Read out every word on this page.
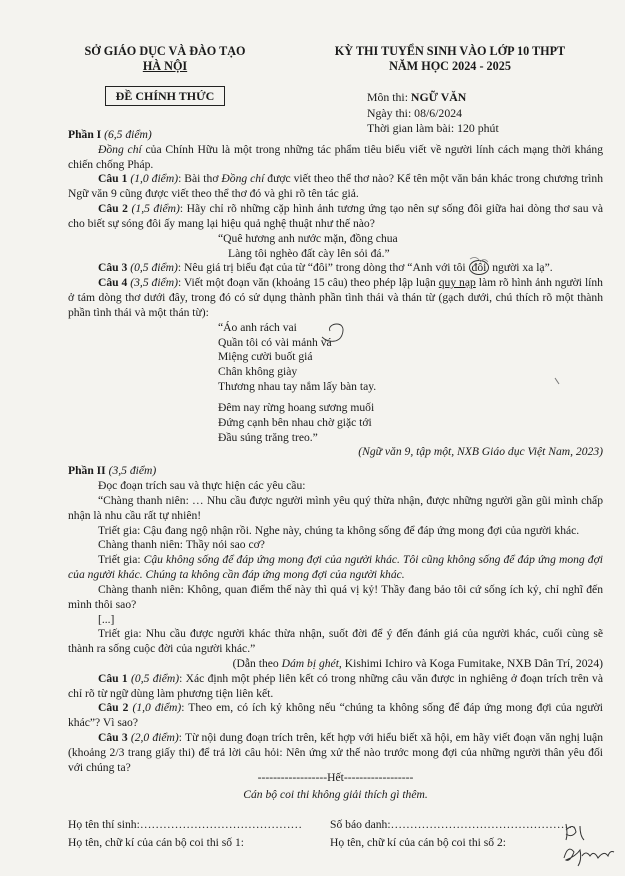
SỞ GIÁO DỤC VÀ ĐÀO TẠO
HÀ NỘI
KỲ THI TUYỂN SINH VÀO LỚP 10 THPT
NĂM HỌC 2024 - 2025
ĐỀ CHÍNH THỨC	Môn thi: NGỮ VĂN
Ngày thi: 08/6/2024
Thời gian làm bài: 120 phút

Phần I (6,5 điểm)

Đồng chí của Chính Hữu là một trong những tác phẩm tiêu biểu viết về người lính cách mạng thời kháng chiến chống Pháp.

Câu 1 (1,0 điểm): Bài thơ Đồng chí được viết theo thể thơ nào? Kể tên một văn bản khác trong chương trình Ngữ văn 9 cũng được viết theo thể thơ đó và ghi rõ tên tác giả.

Câu 2 (1,5 điểm): Hãy chỉ rõ những cặp hình ảnh tương ứng tạo nên sự sống đôi giữa hai dòng thơ sau và cho biết sự sóng đôi ấy mang lại hiệu quả nghệ thuật như thế nào?

“Quê hương anh nước mặn, đồng chua

Làng tôi nghèo đất cày lên sỏi đá.”

Câu 3 (0,5 điểm): Nêu giá trị biểu đạt của từ “đôi” trong dòng thơ “Anh với tôi đôi người xa lạ”.

Câu 4 (3,5 điểm): Viết một đoạn văn (khoảng 15 câu) theo phép lập luận quy nạp làm rõ hình ảnh người lính ở tám dòng thơ dưới đây, trong đó có sử dụng thành phần tình thái và thán từ (gạch dưới, chú thích rõ một thành phần tình thái và một thán từ):

“Áo anh rách vai

Quần tôi có vài mảnh vá

Miệng cười buốt giá

Chân không giày

Thương nhau tay nắm lấy bàn tay.

Đêm nay rừng hoang sương muối

Đứng cạnh bên nhau chờ giặc tới

Đầu súng trăng treo.”

(Ngữ văn 9, tập một, NXB Giáo dục Việt Nam, 2023)

Phần II (3,5 điểm)

Đọc đoạn trích sau và thực hiện các yêu cầu:

“Chàng thanh niên: … Nhu cầu được người mình yêu quý thừa nhận, được những người gần gũi mình chấp nhận là nhu cầu rất tự nhiên!

Triết gia: Cậu đang ngộ nhận rồi. Nghe này, chúng ta không sống để đáp ứng mong đợi của người khác.

Chàng thanh niên: Thầy nói sao cơ?

Triết gia: Cậu không sống để đáp ứng mong đợi của người khác. Tôi cũng không sống để đáp ứng mong đợi của người khác. Chúng ta không cần đáp ứng mong đợi của người khác.

Chàng thanh niên: Không, quan điểm thế này thì quá vị kỷ! Thầy đang bảo tôi cứ sống ích kỷ, chỉ nghĩ đến mình thôi sao?

[...]

Triết gia: Nhu cầu được người khác thừa nhận, suốt đời để ý đến đánh giá của người khác, cuối cùng sẽ thành ra sống cuộc đời của người khác.”

(Dẫn theo Dám bị ghét, Kishimi Ichiro và Koga Fumitake, NXB Dân Trí, 2024)

Câu 1 (0,5 điểm): Xác định một phép liên kết có trong những câu văn được in nghiêng ở đoạn trích trên và chỉ rõ từ ngữ dùng làm phương tiện liên kết.

Câu 2 (1,0 điểm): Theo em, có ích kỷ không nếu “chúng ta không sống để đáp ứng mong đợi của người khác”? Vì sao?

Câu 3 (2,0 điểm): Từ nội dung đoạn trích trên, kết hợp với hiểu biết xã hội, em hãy viết đoạn văn nghị luận (khoảng 2/3 trang giấy thi) để trả lời câu hỏi: Nên ứng xử thế nào trước mong đợi của những người thân yêu đối với chúng ta?

------------------Hết------------------
Cán bộ coi thi không giải thích gì thêm.
Họ tên thí sinh:…………………………………… Số báo danh:…………………………………………
Họ tên, chữ kí của cán bộ coi thi số 1:	Họ tên, chữ kí của cán bộ coi thi số 2:
